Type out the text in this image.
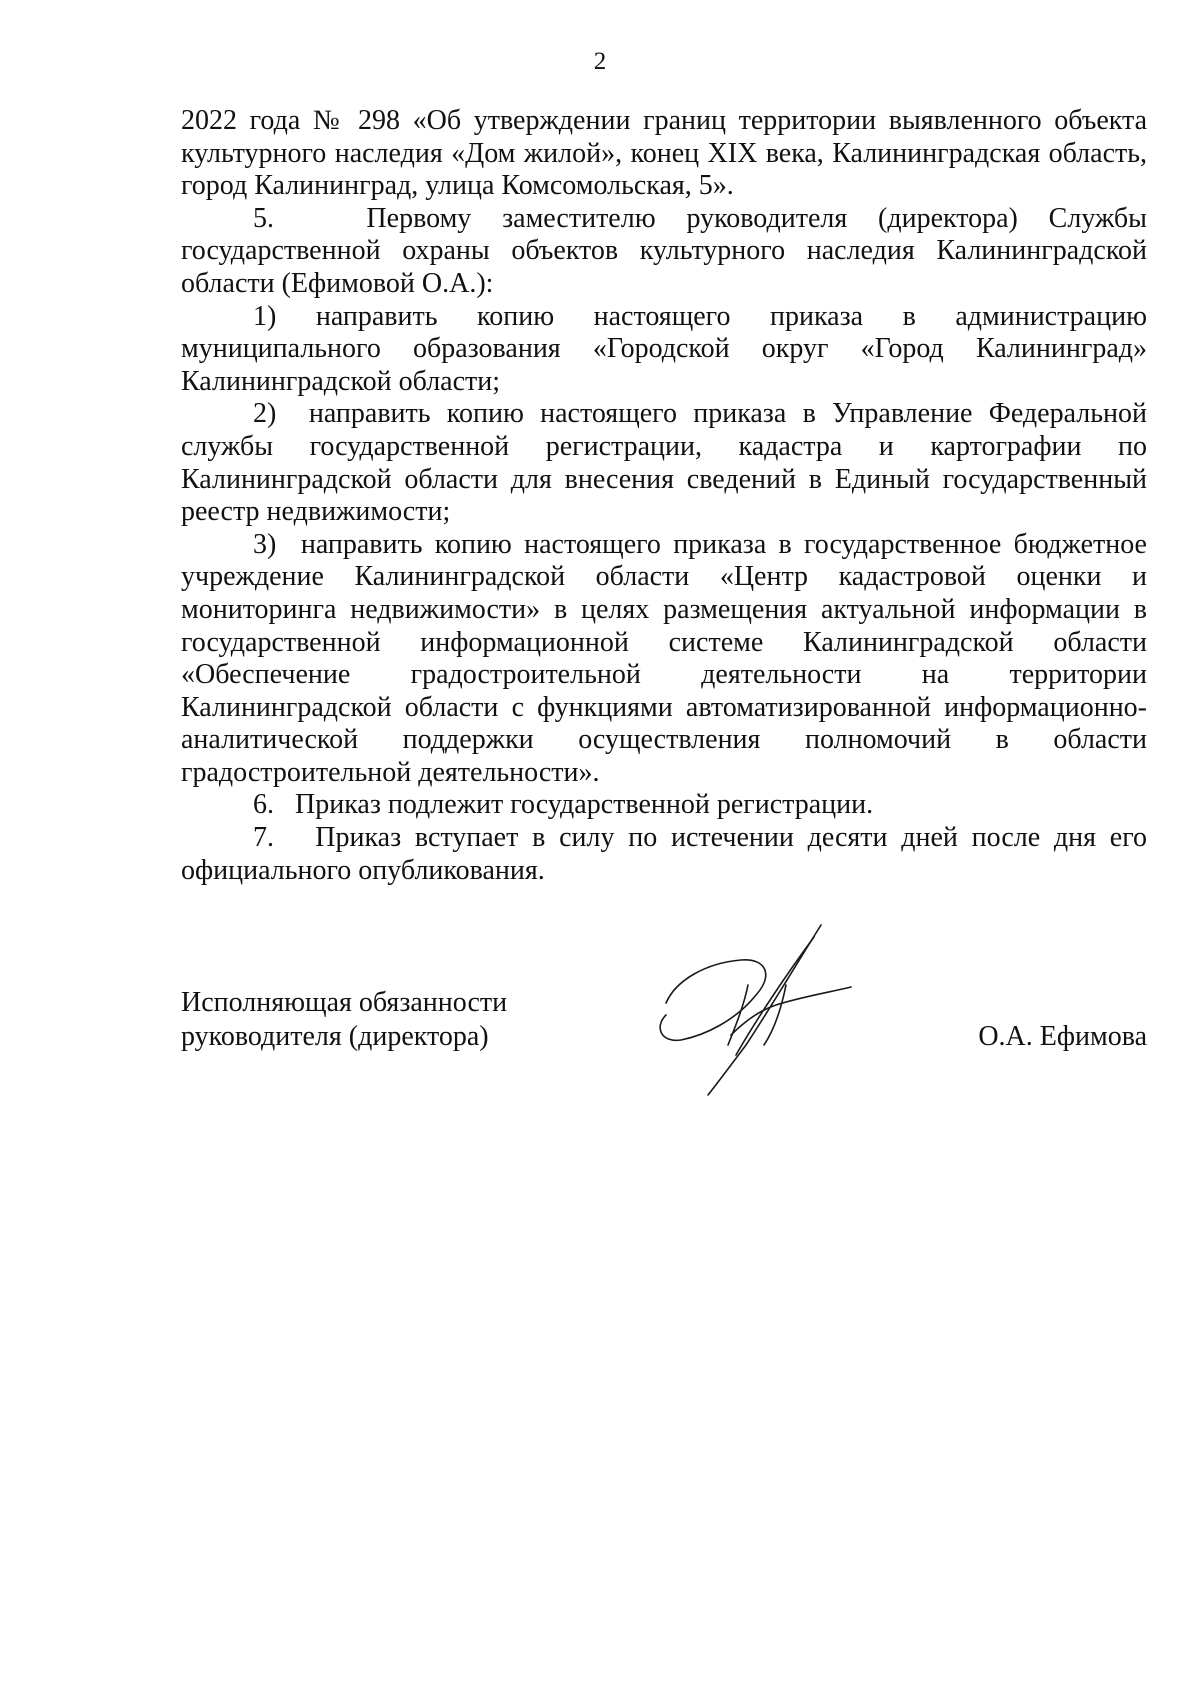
2

2022 года № 298 «Об утверждении границ территории выявленного объекта культурного наследия «Дом жилой», конец XIX века, Калининградская область, город Калининград, улица Комсомольская, 5».

5.   Первому заместителю руководителя (директора) Службы государственной охраны объектов культурного наследия Калининградской области (Ефимовой О.А.):

1) направить копию настоящего приказа в администрацию муниципального образования «Городской округ «Город Калининград» Калининградской области;

2)  направить копию настоящего приказа в Управление Федеральной службы государственной регистрации, кадастра и картографии по Калининградской области для внесения сведений в Единый государственный реестр недвижимости;

3)  направить копию настоящего приказа в государственное бюджетное учреждение Калининградской области «Центр кадастровой оценки и мониторинга недвижимости» в целях размещения актуальной информации в государственной информационной системе Калининградской области «Обеспечение градостроительной деятельности на территории Калининградской области с функциями автоматизированной информационно-аналитической поддержки осуществления полномочий в области градостроительной деятельности».

6.   Приказ подлежит государственной регистрации.

7.   Приказ вступает в силу по истечении десяти дней после дня его официального опубликования.

Исполняющая обязанности
руководителя (директора)	О.А. Ефимова
